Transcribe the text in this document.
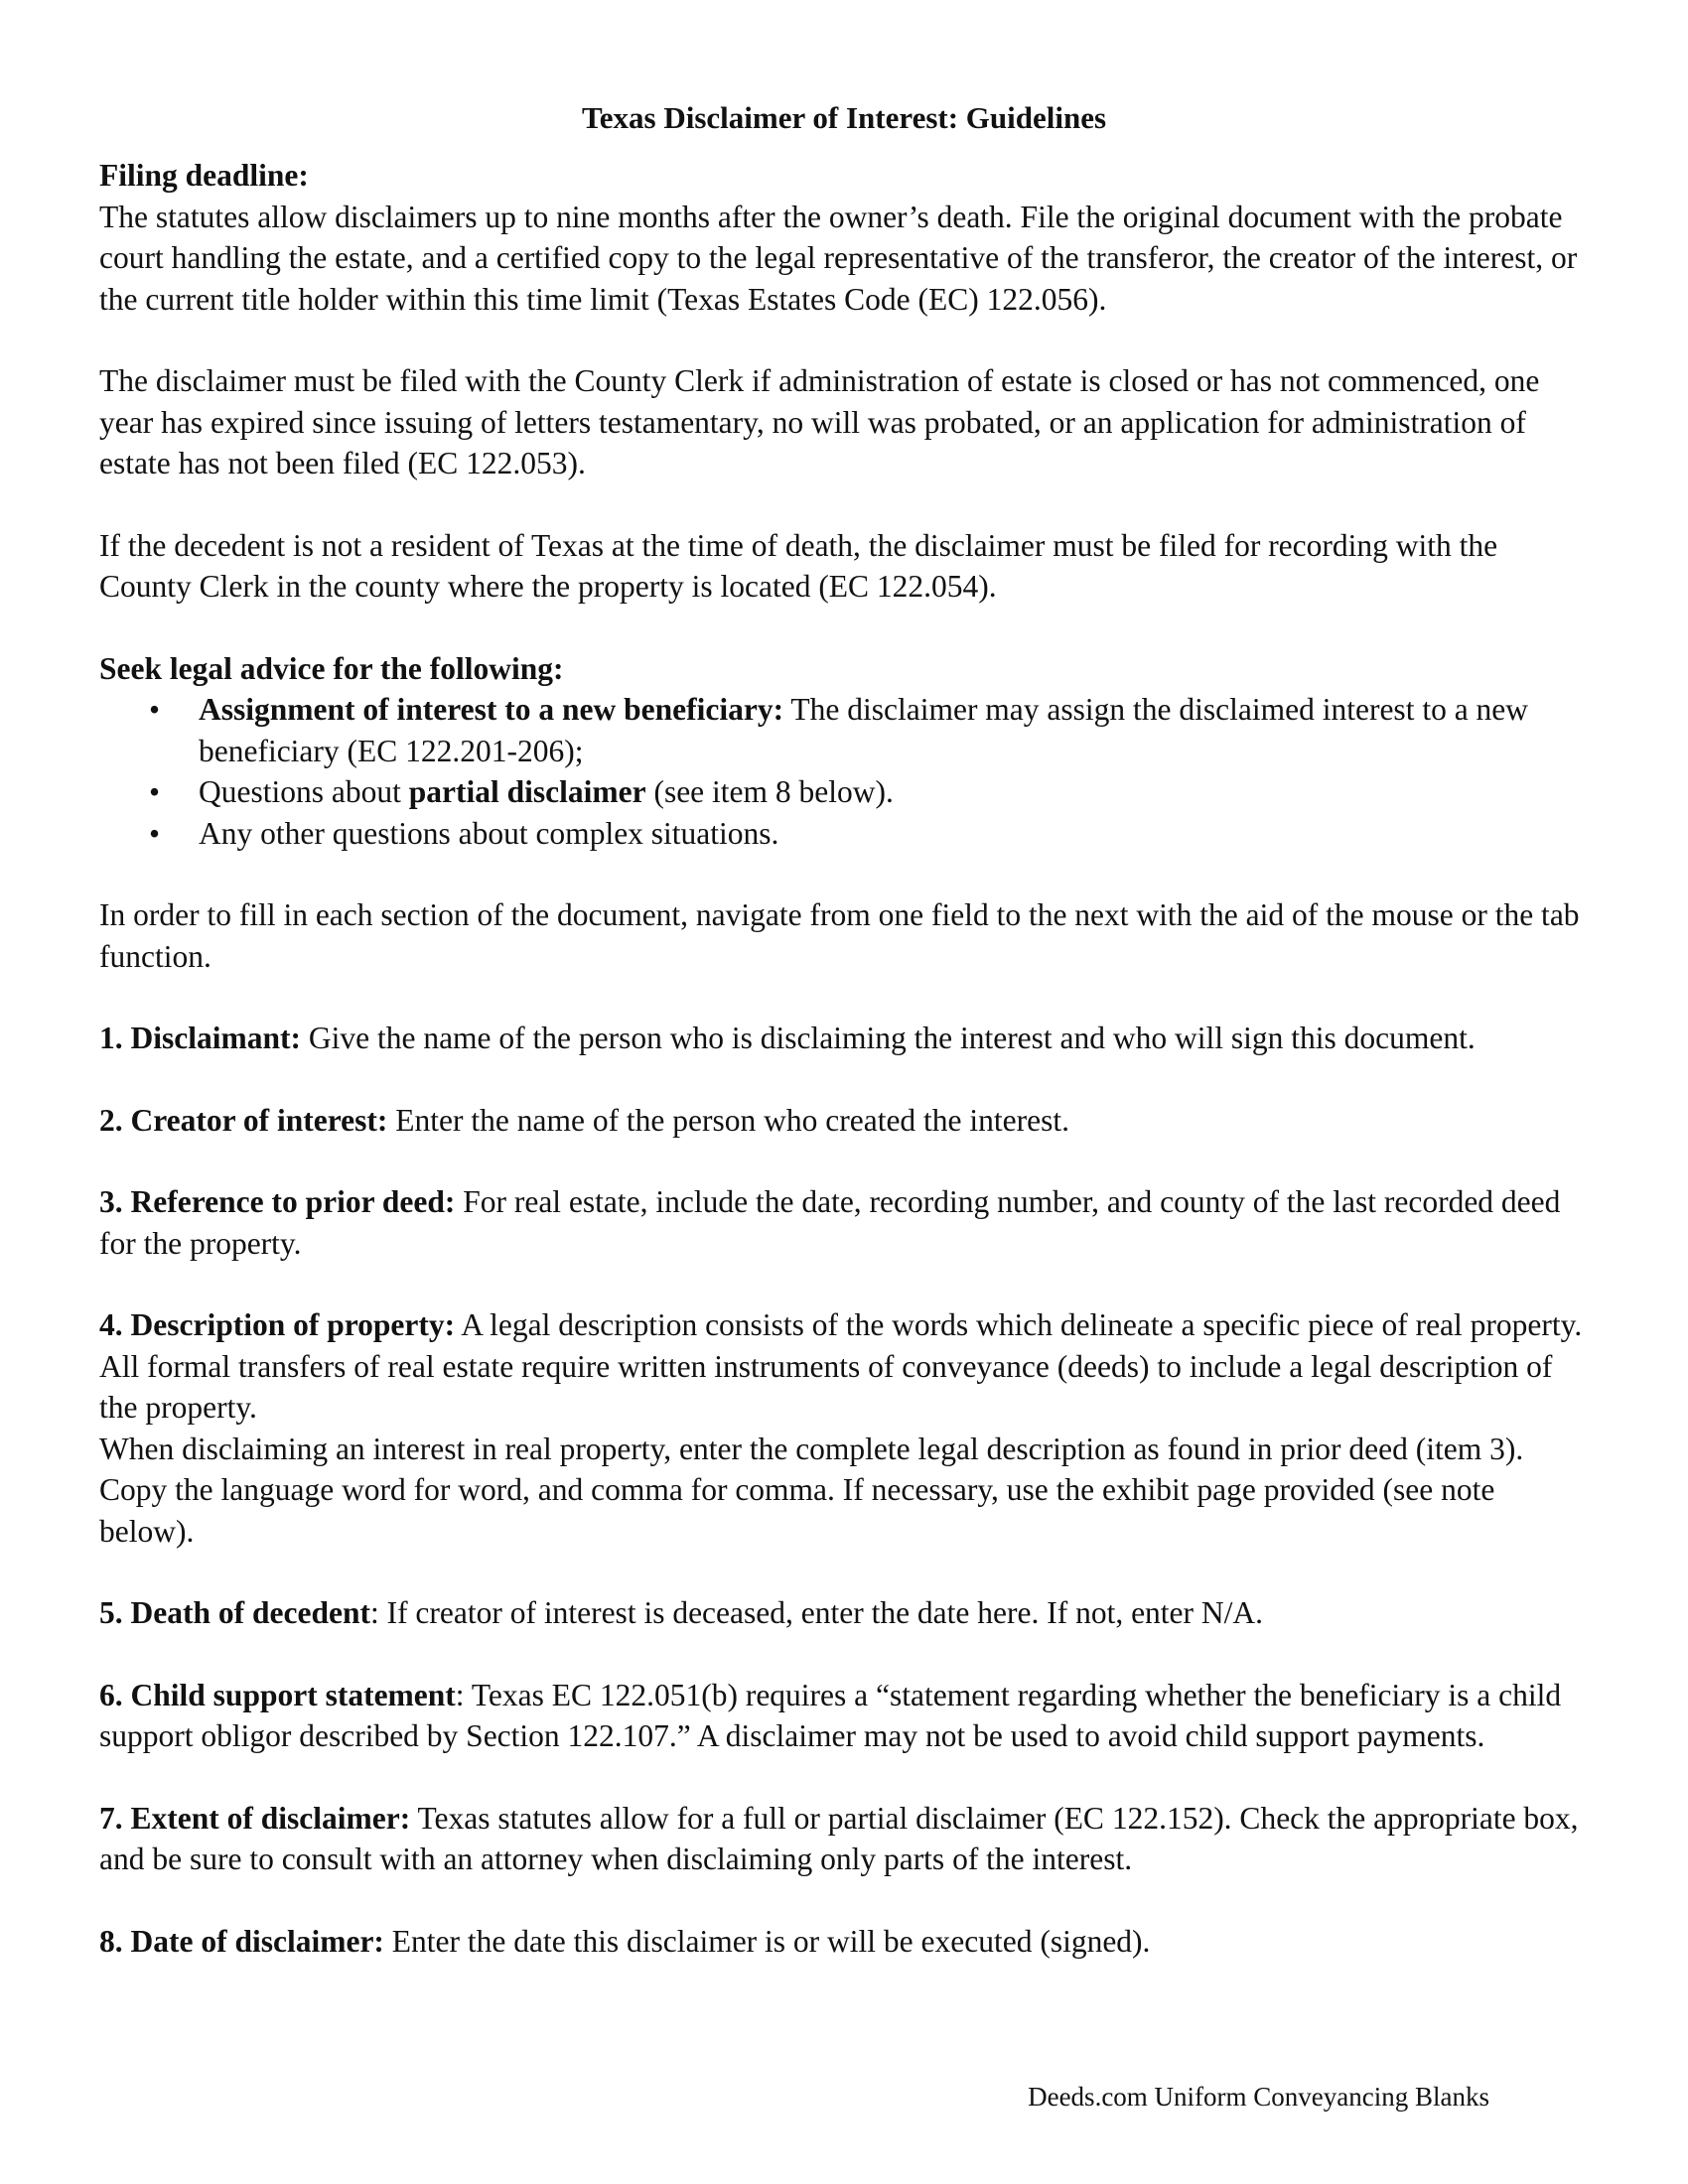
Texas Disclaimer of Interest: Guidelines

Filing deadline:

The statutes allow disclaimers up to nine months after the owner’s death. File the original document with the probate court handling the estate, and a certified copy to the legal representative of the transferor, the creator of the interest, or the current title holder within this time limit (Texas Estates Code (EC) 122.056).

The disclaimer must be filed with the County Clerk if administration of estate is closed or has not commenced, one year has expired since issuing of letters testamentary, no will was probated, or an application for administration of estate has not been filed (EC 122.053).

If the decedent is not a resident of Texas at the time of death, the disclaimer must be filed for recording with the County Clerk in the county where the property is located (EC 122.054).

Seek legal advice for the following:

• Assignment of interest to a new beneficiary: The disclaimer may assign the disclaimed interest to a new beneficiary (EC 122.201-206);
• Questions about partial disclaimer (see item 8 below).
• Any other questions about complex situations.

In order to fill in each section of the document, navigate from one field to the next with the aid of the mouse or the tab function.

1. Disclaimant: Give the name of the person who is disclaiming the interest and who will sign this document.

2. Creator of interest: Enter the name of the person who created the interest.

3. Reference to prior deed: For real estate, include the date, recording number, and county of the last recorded deed for the property.

4. Description of property: A legal description consists of the words which delineate a specific piece of real property. All formal transfers of real estate require written instruments of conveyance (deeds) to include a legal description of the property.

When disclaiming an interest in real property, enter the complete legal description as found in prior deed (item 3). Copy the language word for word, and comma for comma. If necessary, use the exhibit page provided (see note below).

5. Death of decedent: If creator of interest is deceased, enter the date here. If not, enter N/A.

6. Child support statement: Texas EC 122.051(b) requires a “statement regarding whether the beneficiary is a child support obligor described by Section 122.107.” A disclaimer may not be used to avoid child support payments.

7. Extent of disclaimer: Texas statutes allow for a full or partial disclaimer (EC 122.152). Check the appropriate box, and be sure to consult with an attorney when disclaiming only parts of the interest.

8. Date of disclaimer: Enter the date this disclaimer is or will be executed (signed).

Deeds.com Uniform Conveyancing Blanks
